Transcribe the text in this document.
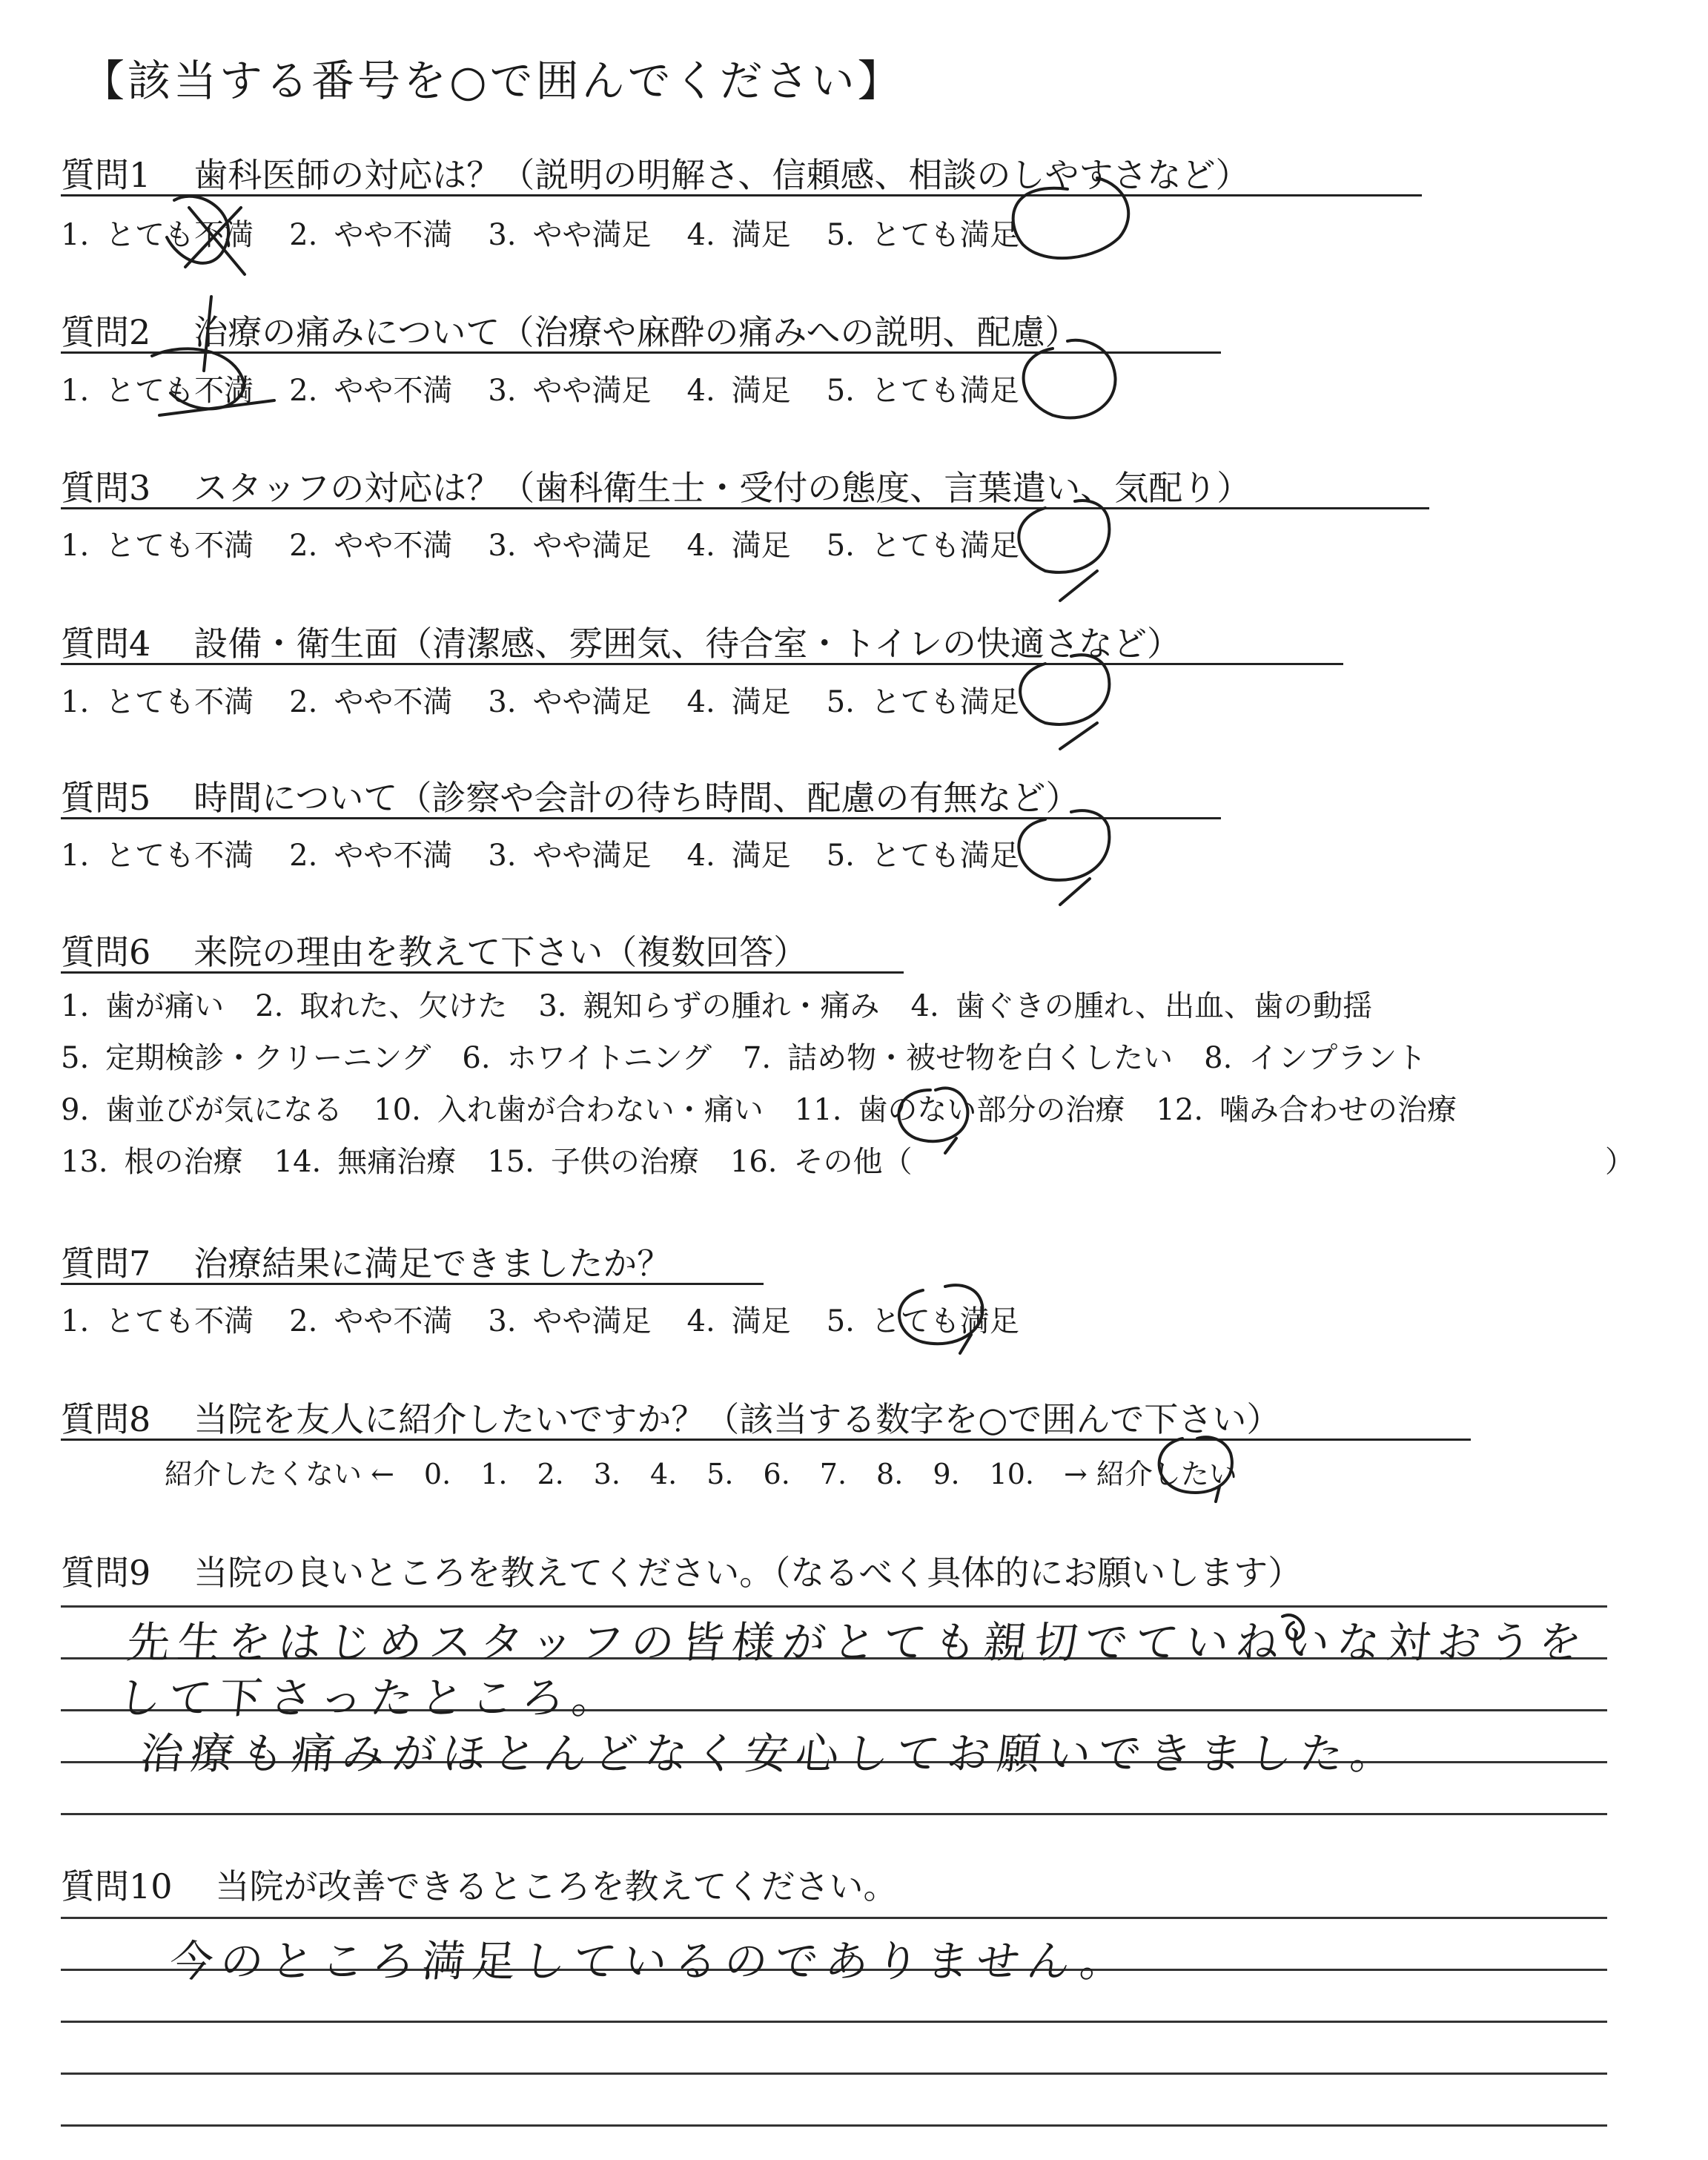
【該当する番号を○で囲んでください】
質問1 歯科医師の対応は？（説明の明解さ、信頼感、相談のしやすさなど）
1. とても不満 2. やや不満 3. やや満足 4. 満足 5. とても満足
質問2 治療の痛みについて（治療や麻酔の痛みへの説明、配慮）
1. とても不満 2. やや不満 3. やや満足 4. 満足 5. とても満足
質問3 スタッフの対応は？（歯科衛生士・受付の態度、言葉遣い、気配り）
1. とても不満 2. やや不満 3. やや満足 4. 満足 5. とても満足
質問4 設備・衛生面（清潔感、雰囲気、待合室・トイレの快適さなど）
1. とても不満 2. やや不満 3. やや満足 4. 満足 5. とても満足
質問5 時間について（診察や会計の待ち時間、配慮の有無など）
1. とても不満 2. やや不満 3. やや満足 4. 満足 5. とても満足
質問6 来院の理由を教えて下さい（複数回答）
1. 歯が痛い 2. 取れた、欠けた 3. 親知らずの腫れ・痛み 4. 歯ぐきの腫れ、出血、歯の動揺
5. 定期検診・クリーニング 6. ホワイトニング 7. 詰め物・被せ物を白くしたい 8. インプラント
9. 歯並びが気になる 10. 入れ歯が合わない・痛い 11. 歯のない部分の治療 12. 噛み合わせの治療
13. 根の治療 14. 無痛治療 15. 子供の治療 16. その他（	）
質問7 治療結果に満足できましたか？
1. とても不満 2. やや不満 3. やや満足 4. 満足 5. とても満足
質問8 当院を友人に紹介したいですか？（該当する数字を○で囲んで下さい）
紹介したくない ← 0. 1. 2. 3. 4. 5. 6. 7. 8. 9. 10. → 紹介したい
質問9 当院の良いところを教えてください。（なるべく具体的にお願いします）
先生をはじめスタッフの皆様がとても親切でていねいな対おうを
して下さったところ。
治療も痛みがほとんどなく安心してお願いできました。
質問10 当院が改善できるところを教えてください。
今のところ満足しているのでありません。
